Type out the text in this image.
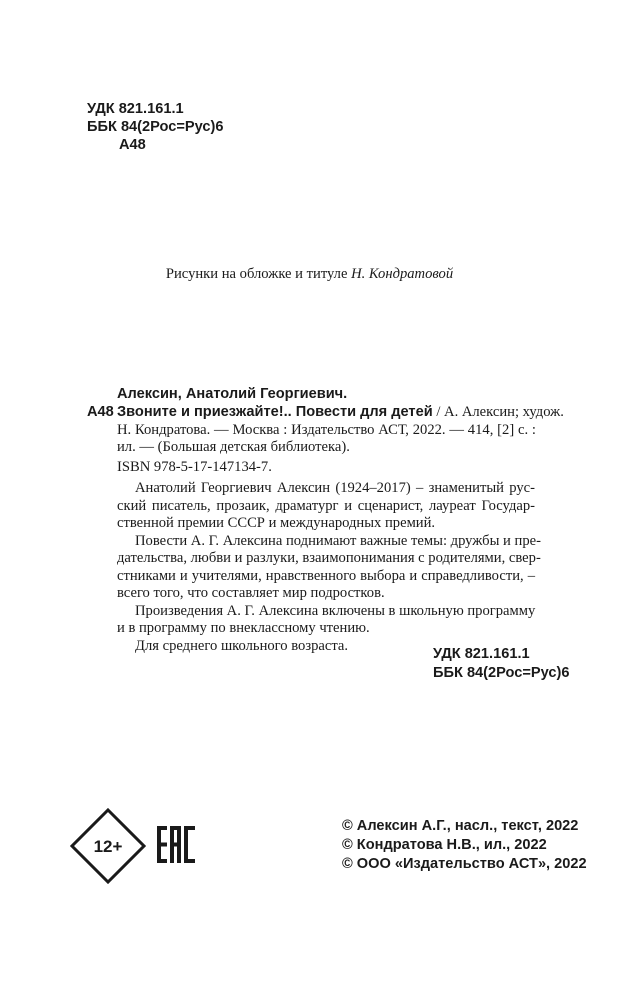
УДК 821.161.1
ББК 84(2Рос=Рус)6
А48
Рисунки на обложке и титуле Н. Кондратовой
Алексин, Анатолий Георгиевич.
А48 Звоните и приезжайте!.. Повести для детей / А. Алексин; худож.
Н. Кондратова. — Москва : Издательство АСТ, 2022. — 414, [2] с. :
ил. — (Большая детская библиотека).
ISBN 978-5-17-147134-7.
Анатолий Георгиевич Алексин (1924–2017) – знаменитый рус-
ский писатель, прозаик, драматург и сценарист, лауреат Государ-
ственной премии СССР и международных премий.
Повести А. Г. Алексина поднимают важные темы: дружбы и пре-
дательства, любви и разлуки, взаимопонимания с родителями, свер-
стниками и учителями, нравственного выбора и справедливости, –
всего того, что составляет мир подростков.
Произведения А. Г. Алексина включены в школьную программу
и в программу по внеклассному чтению.
Для среднего школьного возраста.
УДК 821.161.1
ББК 84(2Рос=Рус)6
12+
© Алексин А.Г., насл., текст, 2022
© Кондратова Н.В., ил., 2022
© ООО «Издательство АСТ», 2022
